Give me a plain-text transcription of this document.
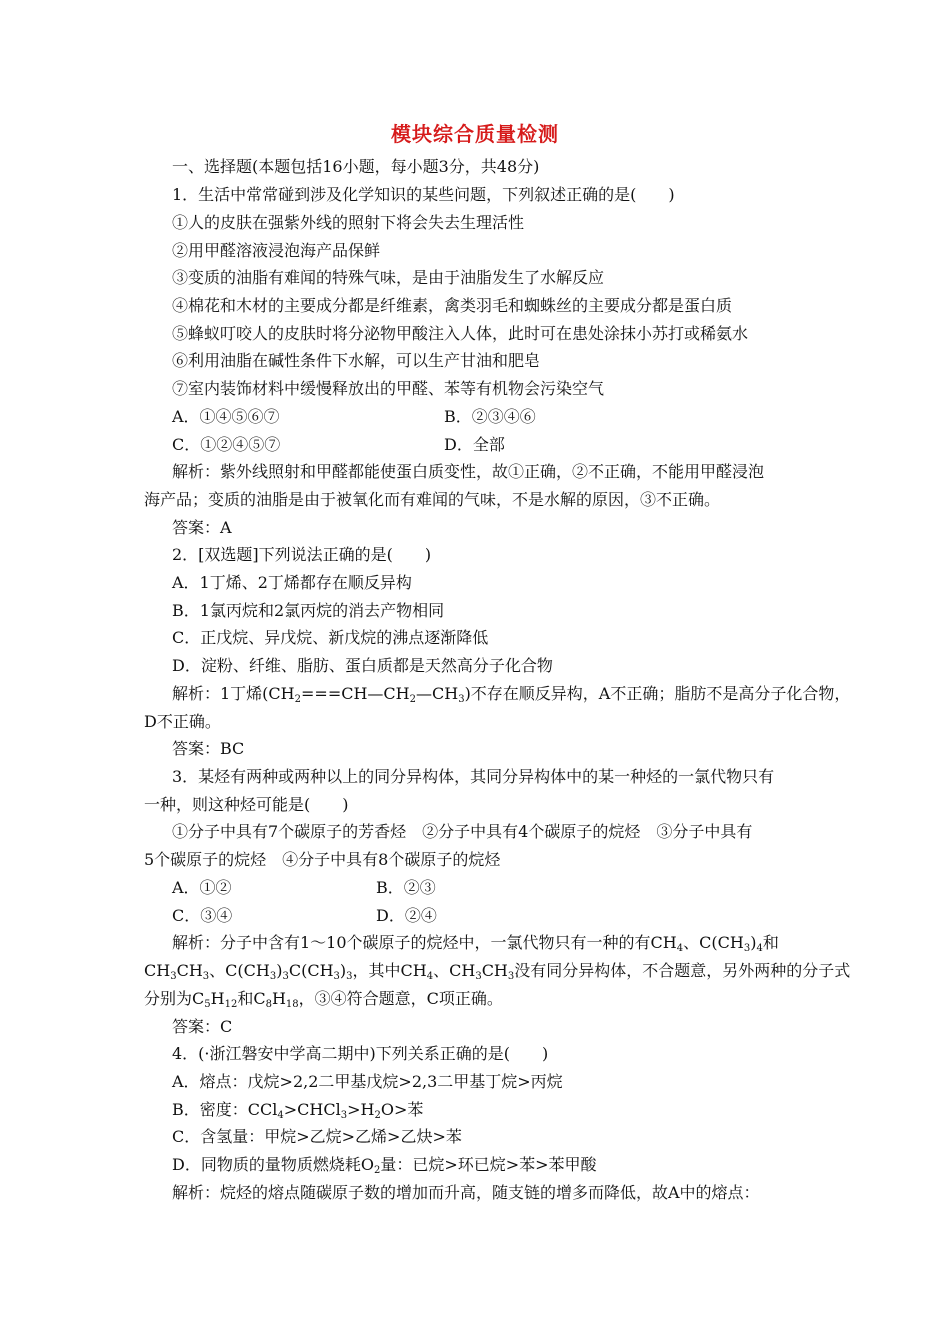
模块综合质量检测
一、选择题(本题包括16小题，每小题3分，共48分)
1．生活中常常碰到涉及化学知识的某些问题，下列叙述正确的是(　　)
①人的皮肤在强紫外线的照射下将会失去生理活性
②用甲醛溶液浸泡海产品保鲜
③变质的油脂有难闻的特殊气味，是由于油脂发生了水解反应
④棉花和木材的主要成分都是纤维素，禽类羽毛和蜘蛛丝的主要成分都是蛋白质
⑤蜂蚁叮咬人的皮肤时将分泌物甲酸注入人体，此时可在患处涂抹小苏打或稀氨水
⑥利用油脂在碱性条件下水解，可以生产甘油和肥皂
⑦室内装饰材料中缓慢释放出的甲醛、苯等有机物会污染空气
A．①④⑤⑥⑦	B．②③④⑥
C．①②④⑤⑦	D．全部
解析：紫外线照射和甲醛都能使蛋白质变性，故①正确，②不正确，不能用甲醛浸泡
海产品；变质的油脂是由于被氧化而有难闻的气味，不是水解的原因，③不正确。
答案：A
2．[双选题]下列说法正确的是(　　)
A．1丁烯、2丁烯都存在顺反异构
B．1氯丙烷和2氯丙烷的消去产物相同
C．正戊烷、异戊烷、新戊烷的沸点逐渐降低
D．淀粉、纤维、脂肪、蛋白质都是天然高分子化合物
解析：1丁烯$(CH_2===CH—CH_2—CH_3)$不存在顺反异构，A不正确；脂肪不是高分子化合物，
D不正确。
答案：BC
3．某烃有两种或两种以上的同分异构体，其同分异构体中的某一种烃的一氯代物只有
一种，则这种烃可能是(　　)
①分子中具有7个碳原子的芳香烃　②分子中具有4个碳原子的烷烃　③分子中具有
5个碳原子的烷烃　④分子中具有8个碳原子的烷烃
A．①②	B．②③
C．③④	D．②④
解析：分子中含有1～10个碳原子的烷烃中，一氯代物只有一种的有$CH_4$、$C(CH_3)_4$和
$CH_3CH_3$、$C(CH_3)_3C(CH_3)_3$，其中$CH_4$、$CH_3CH_3$没有同分异构体，不合题意，另外两种的分子式
分别为$C_5H_{12}$和$C_8H_{18}$，③④符合题意，C项正确。
答案：C
4．(·浙江磐安中学高二期中)下列关系正确的是(　　)
A．熔点：戊烷>2,2二甲基戊烷>2,3二甲基丁烷>丙烷
B．密度：$CCl_4>CHCl_3>H_2O>$苯
C．含氢量：甲烷>乙烷>乙烯>乙炔>苯
D．同物质的量物质燃烧耗$O_2$量：已烷>环已烷>苯>苯甲酸
解析：烷烃的熔点随碳原子数的增加而升高，随支链的增多而降低，故A中的熔点：
